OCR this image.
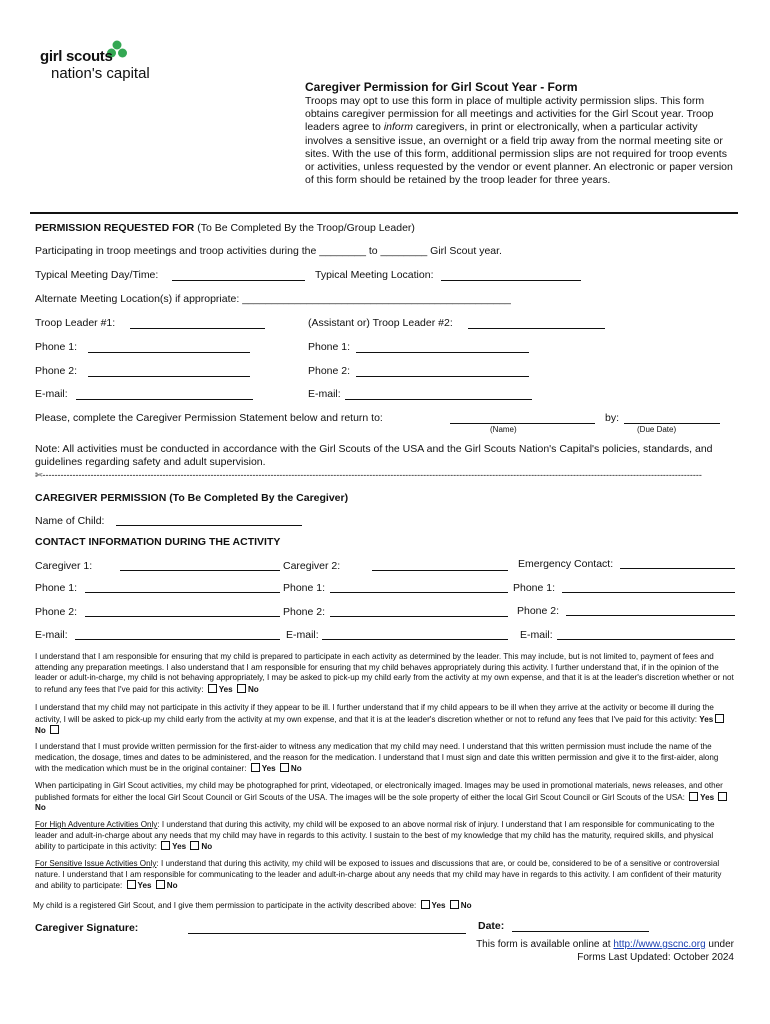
girl scouts
nation's capital
Caregiver Permission for Girl Scout Year - Form
Troops may opt to use this form in place of multiple activity permission slips. This form obtains caregiver permission for all meetings and activities for the Girl Scout year. Troop leaders agree to inform caregivers, in print or electronically, when a particular activity involves a sensitive issue, an overnight or a field trip away from the normal meeting site or sites. With the use of this form, additional permission slips are not required for troop events or activities, unless requested by the vendor or event planner. An electronic or paper version of this form should be retained by the troop leader for three years.
PERMISSION REQUESTED FOR (To Be Completed By the Troop/Group Leader)
Participating in troop meetings and troop activities during the ________ to ________ Girl Scout year.
Typical Meeting Day/Time:	Typical Meeting Location:
Alternate Meeting Location(s) if appropriate: ______________________________________________
Troop Leader #1:	(Assistant or) Troop Leader #2:
Phone 1:	Phone 1:
Phone 2:	Phone 2:
E-mail:	E-mail:
Please, complete the Caregiver Permission Statement below and return to:	by:
(Name)	(Due Date)
Note: All activities must be conducted in accordance with the Girl Scouts of the USA and the Girl Scouts Nation's Capital's policies, standards, and guidelines regarding safety and adult supervision.
✄----------------------------------------------------------------------------------------------------------------------------------------------------------------------------------------------------------------------------
CAREGIVER PERMISSION (To Be Completed By the Caregiver)
Name of Child:
CONTACT INFORMATION DURING THE ACTIVITY
Caregiver 1:	Caregiver 2:	Emergency Contact:
Phone 1:	Phone 1:	Phone 1:
Phone 2:	Phone 2:	Phone 2:
E-mail:	E-mail:	E-mail:
I understand that I am responsible for ensuring that my child is prepared to participate in each activity as determined by the leader. This may include, but is not limited to, payment of fees and attending any preparation meetings. I also understand that I am responsible for ensuring that my child behaves appropriately during this activity. I further understand that, if in the opinion of the leader or adult-in-charge, my child is not behaving appropriately, I may be asked to pick-up my child early from the activity at my own expense, and that it is at the leader's discretion whether or not to refund any fees that I've paid for this activity: Yes No
I understand that my child may not participate in this activity if they appear to be ill. I further understand that if my child appears to be ill when they arrive at the activity or become ill during the activity, I will be asked to pick-up my child early from the activity at my own expense, and that it is at the leader's discretion whether or not to refund any fees that I've paid for this activity: YesNo
I understand that I must provide written permission for the first-aider to witness any medication that my child may need. I understand that this written permission must include the name of the medication, the dosage, times and dates to be administered, and the reason for the medication. I understand that I must sign and date this written permission and give it to the first-aider, along with the medication which must be in the original container: Yes No
When participating in Girl Scout activities, my child may be photographed for print, videotaped, or electronically imaged. Images may be used in promotional materials, news releases, and other published formats for either the local Girl Scout Council or Girl Scouts of the USA. The images will be the sole property of either the local Girl Scout Council or Girl Scouts of the USA: Yes No
For High Adventure Activities Only: I understand that during this activity, my child will be exposed to an above normal risk of injury. I understand that I am responsible for communicating to the leader and adult-in-charge about any needs that my child may have in regards to this activity. I sustain to the best of my knowledge that my child has the maturity, required skills, and physical ability to participate in this activity: Yes No
For Sensitive Issue Activities Only: I understand that during this activity, my child will be exposed to issues and discussions that are, or could be, considered to be of a sensitive or controversial nature. I understand that I am responsible for communicating to the leader and adult-in-charge about any needs that my child may have in regards to this activity. I am confident of their maturity and ability to participate: Yes No
My child is a registered Girl Scout, and I give them permission to participate in the activity described above: Yes No
Caregiver Signature:	Date:
This form is available online at http://www.gscnc.org under
Forms Last Updated: October 2024
